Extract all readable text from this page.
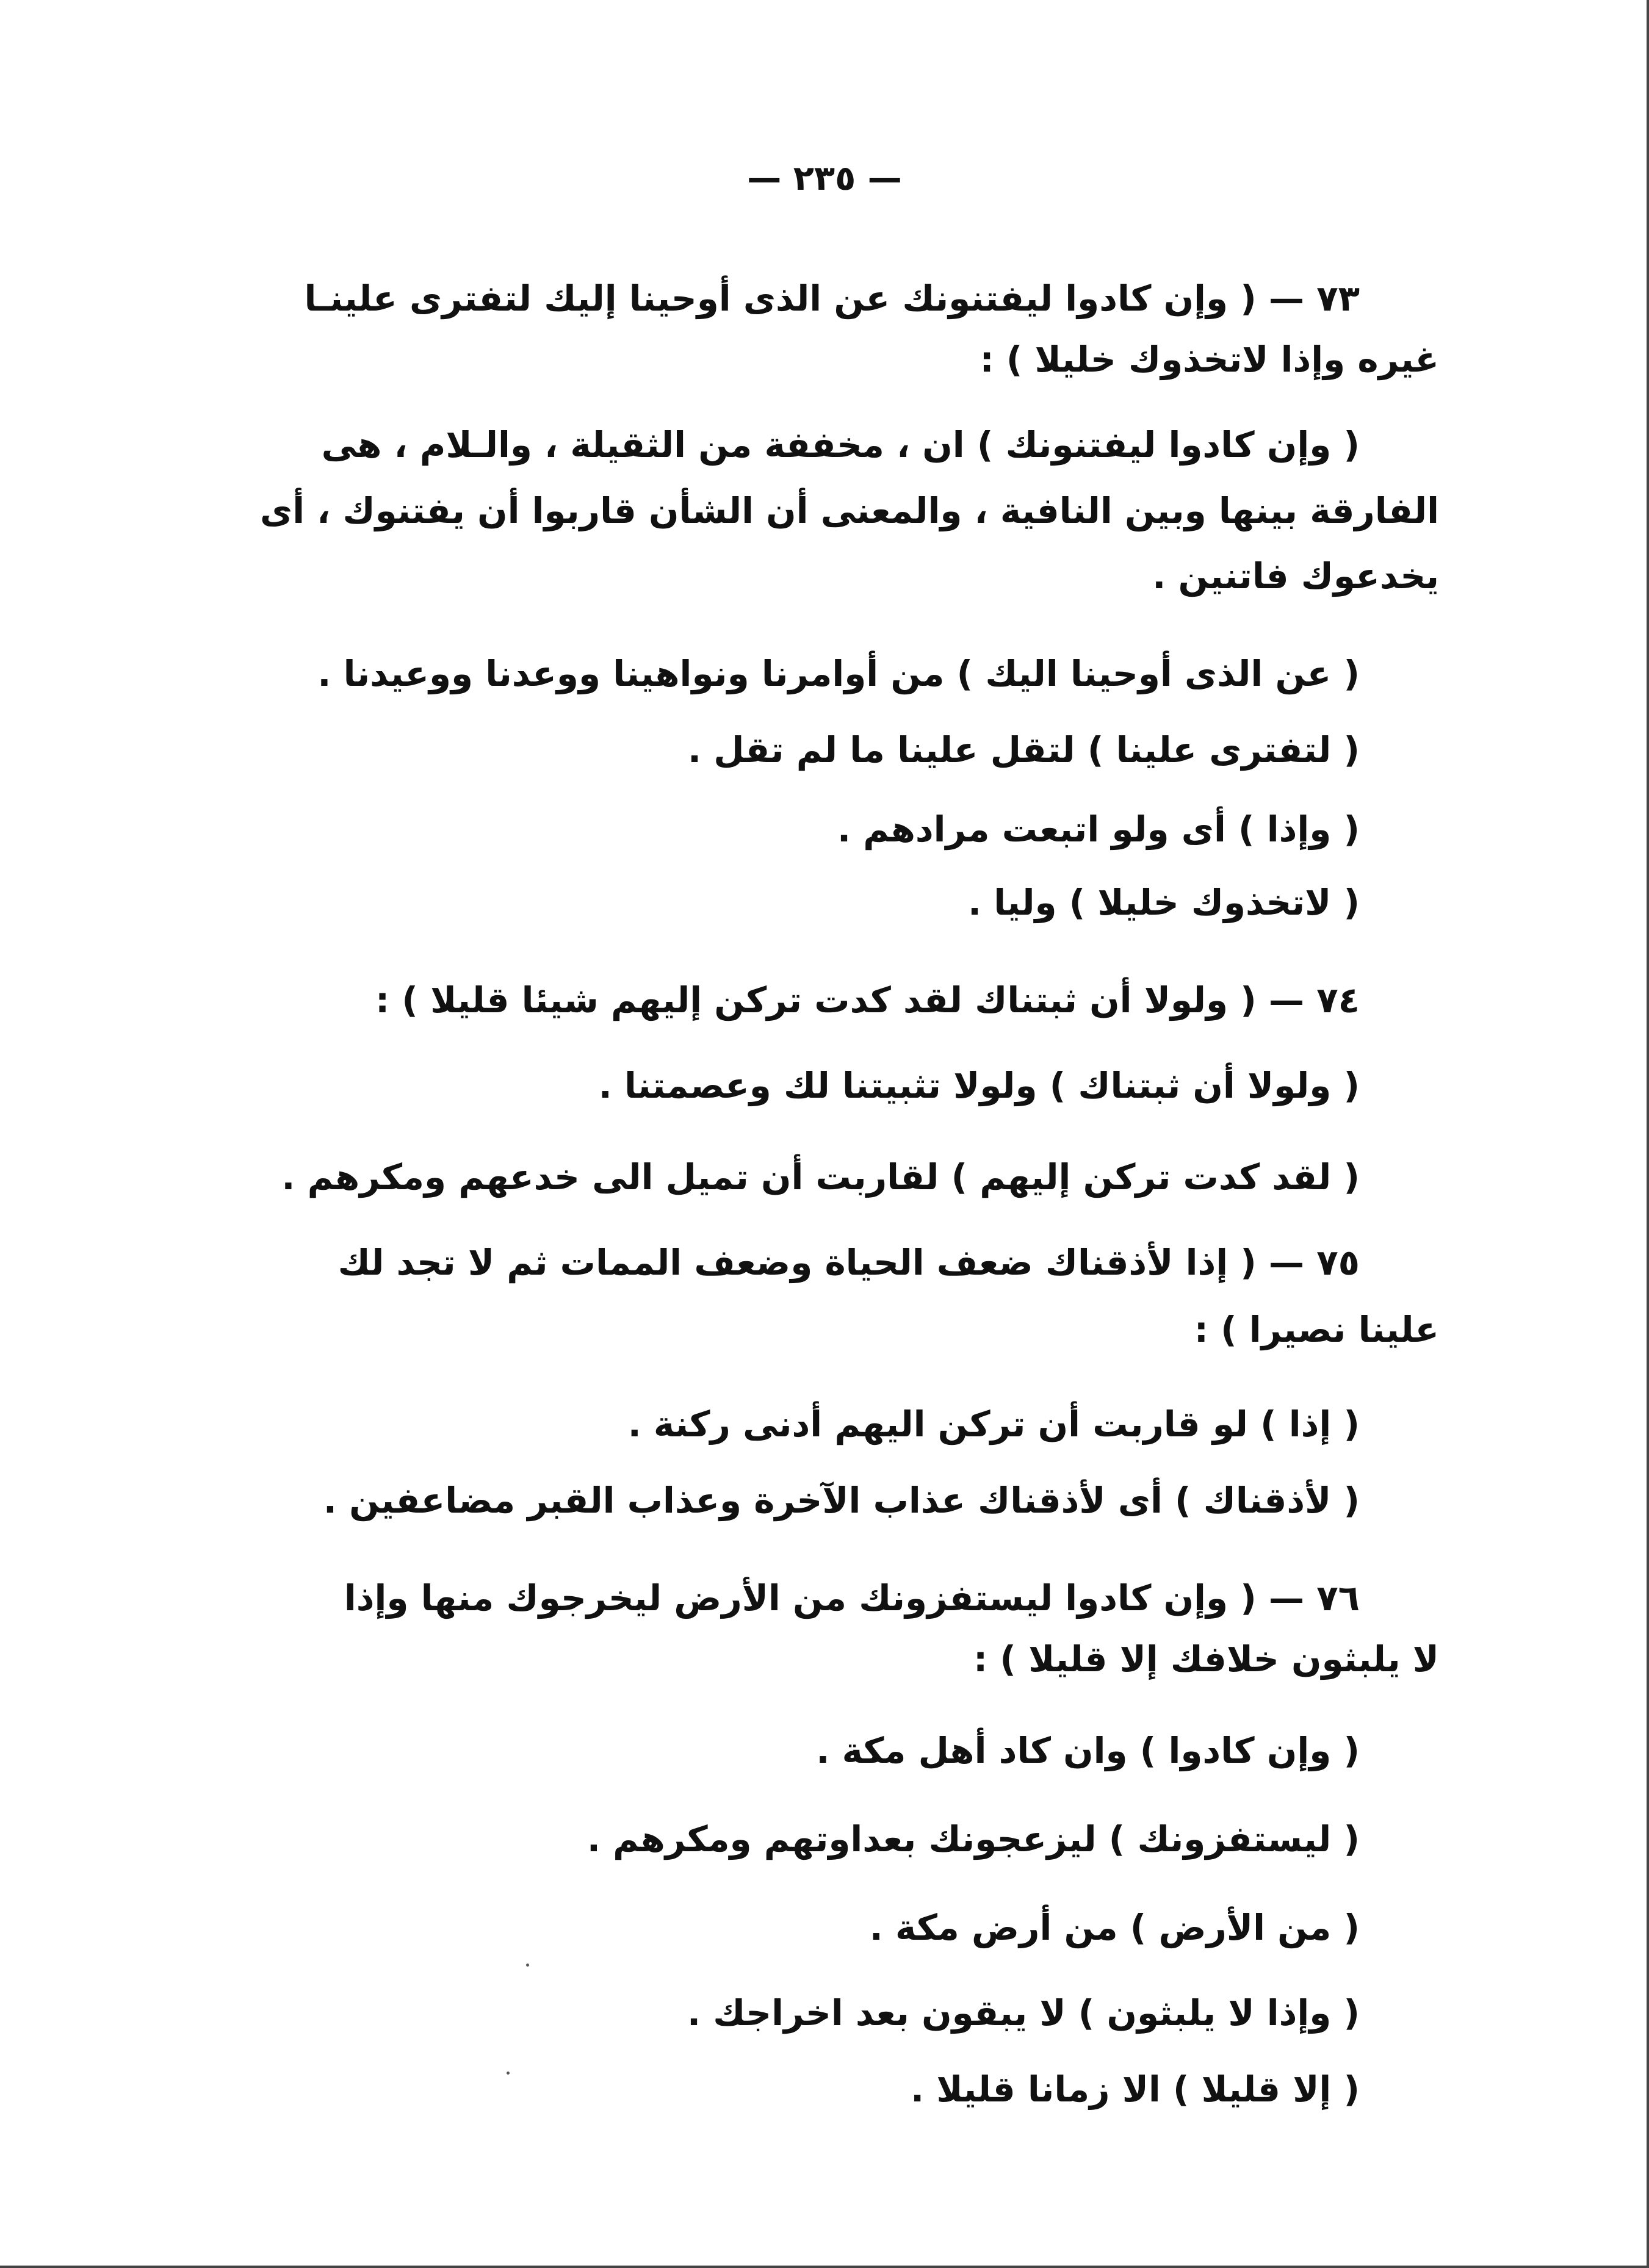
— ٢٣٥ —
٧٣ — ( وإن كادوا ليفتنونك عن الذى أوحينا إليك لتفترى علينـا
غيره وإذا لاتخذوك خليلا ) :
( وإن كادوا ليفتنونك ) ان ، مخففة من الثقيلة ، والـلام ، هى
الفارقة بينها وبين النافية ، والمعنى أن الشأن قاربوا أن يفتنوك ، أى
يخدعوك فاتنين .
( عن الذى أوحينا اليك ) من أوامرنا ونواهينا ووعدنا ووعيدنا .
( لتفترى علينا ) لتقل علينا ما لم تقل .
( وإذا ) أى ولو اتبعت مرادهم .
( لاتخذوك خليلا ) وليا .
٧٤ — ( ولولا أن ثبتناك لقد كدت تركن إليهم شيئا قليلا ) :
( ولولا أن ثبتناك ) ولولا تثبيتنا لك وعصمتنا .
( لقد كدت تركن إليهم ) لقاربت أن تميل الى خدعهم ومكرهم .
٧٥ — ( إذا لأذقناك ضعف الحياة وضعف الممات ثم لا تجد لك
علينا نصيرا ) :
( إذا ) لو قاربت أن تركن اليهم أدنى ركنة .
( لأذقناك ) أى لأذقناك عذاب الآخرة وعذاب القبر مضاعفين .
٧٦ — ( وإن كادوا ليستفزونك من الأرض ليخرجوك منها وإذا
لا يلبثون خلافك إلا قليلا ) :
( وإن كادوا ) وان كاد أهل مكة .
( ليستفزونك ) ليزعجونك بعداوتهم ومكرهم .
( من الأرض ) من أرض مكة .
( وإذا لا يلبثون ) لا يبقون بعد اخراجك .
( إلا قليلا ) الا زمانا قليلا .
